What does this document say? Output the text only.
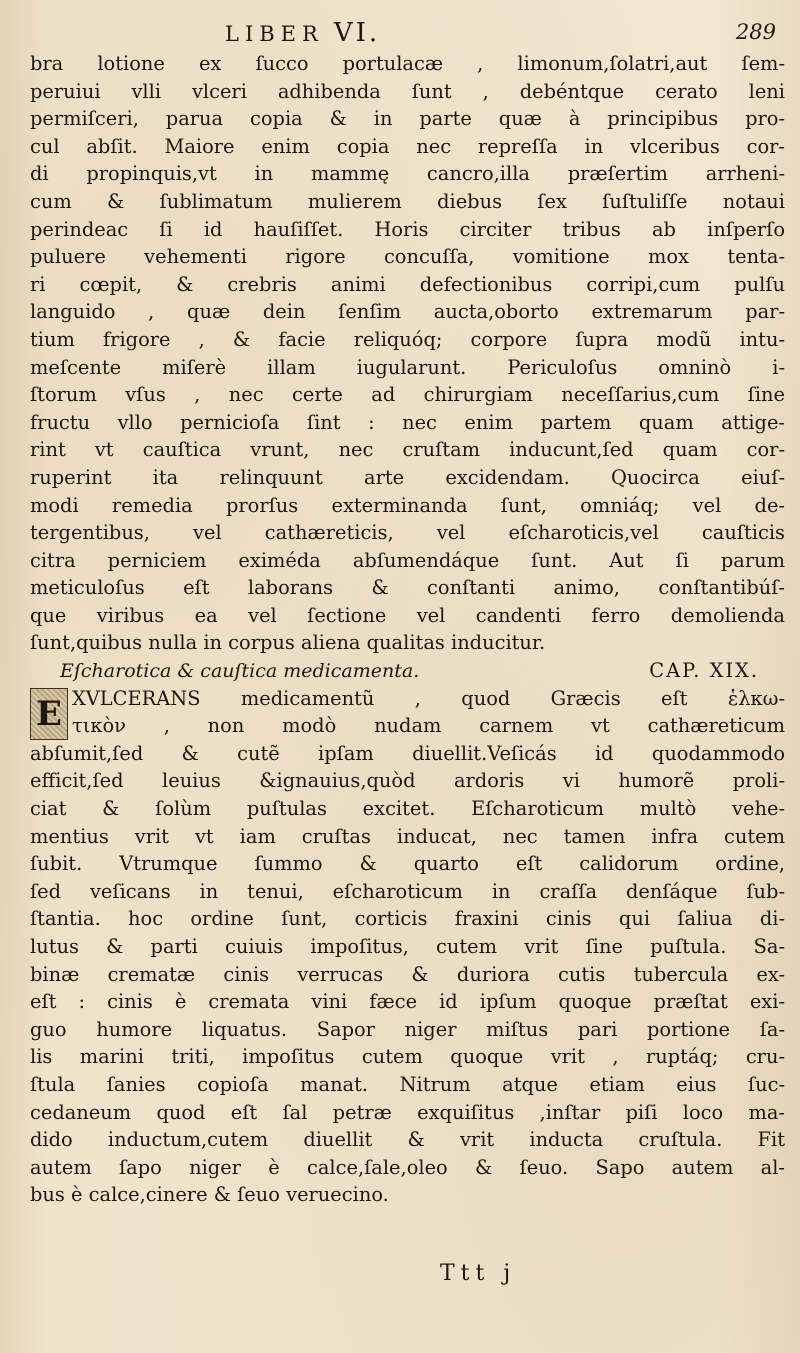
LIBER VI.	289
bra lotione ex ſucco portulacæ , limonum,ſolatri,aut ſem-
peruiui vlli vlceri adhibenda ſunt , debéntque cerato leni
permiſceri, parua copia & in parte quæ à principibus pro-
cul abſit. Maiore enim copia nec repreſſa in vlceribus cor-
di propinquis,vt in mammę cancro,illa præſertim arrheni-
cum & ſublimatum mulierem diebus ſex ſuſtuliſſe notaui
perindeac ſi id hauſiſſet. Horis circiter tribus ab inſperſo
puluere vehementi rigore concuſſa, vomitione mox tenta-
ri cœpit, & crebris animi defectionibus corripi,cum pulſu
languido , quæ dein ſenſim aucta,oborto extremarum par-
tium frigore , & facie reliquóq; corpore ſupra modũ intu-
meſcente miſerè illam iugularunt. Periculoſus omninò i-
ſtorum vſus , nec certe ad chirurgiam neceſſarius,cum ſine
fructu vllo pernicioſa ſint : nec enim partem quam attige-
rint vt cauſtica vrunt, nec cruſtam inducunt,ſed quam cor-
ruperint ita relinquunt arte excidendam. Quocirca eiuſ-
modi remedia prorſus exterminanda ſunt, omniáq; vel de-
tergentibus, vel cathæreticis, vel eſcharoticis,vel cauſticis
citra perniciem eximéda abſumendáque ſunt. Aut ſi parum
meticuloſus eſt laborans & conſtanti animo, conſtantibúſ-
que viribus ea vel ſectione vel candenti ferro demolienda
ſunt,quibus nulla in corpus aliena qualitas inducitur.
Eſcharotica & cauſtica medicamenta.	CAP. XIX.
E XVLCERANS medicamentũ , quod Græcis eſt ἑλκω-
τικὸν , non modò nudam carnem vt cathæreticum
abſumit,ſed & cutẽ ipſam diuellit.Veſicás id quodammodo
efficit,ſed leuius &ignauius,quòd ardoris vi humorẽ proli-
ciat & ſolùm puſtulas excitet. Eſcharoticum multò vehe-
mentius vrit vt iam cruſtas inducat, nec tamen infra cutem
ſubit. Vtrumque ſummo & quarto eſt calidorum ordine,
ſed veſicans in tenui, eſcharoticum in craſſa denſáque ſub-
ſtantia. hoc ordine ſunt, corticis fraxini cinis qui ſaliua di-
lutus & parti cuiuis impoſitus, cutem vrit ſine puſtula. Sa-
binæ crematæ cinis verrucas & duriora cutis tubercula ex-
eſt : cinis è cremata vini fæce id ipſum quoque præſtat exi-
guo humore liquatus. Sapor niger miſtus pari portione ſa-
lis marini triti, impoſitus cutem quoque vrit , ruptáq; cru-
ſtula ſanies copioſa manat. Nitrum atque etiam eius ſuc-
cedaneum quod eſt ſal petræ exquiſitus ,inſtar piſi loco ma-
dido inductum,cutem diuellit & vrit inducta cruſtula. Fit
autem ſapo niger è calce,ſale,oleo & ſeuo. Sapo autem al-
bus è calce,cinere & ſeuo veruecino.
Ttt j
